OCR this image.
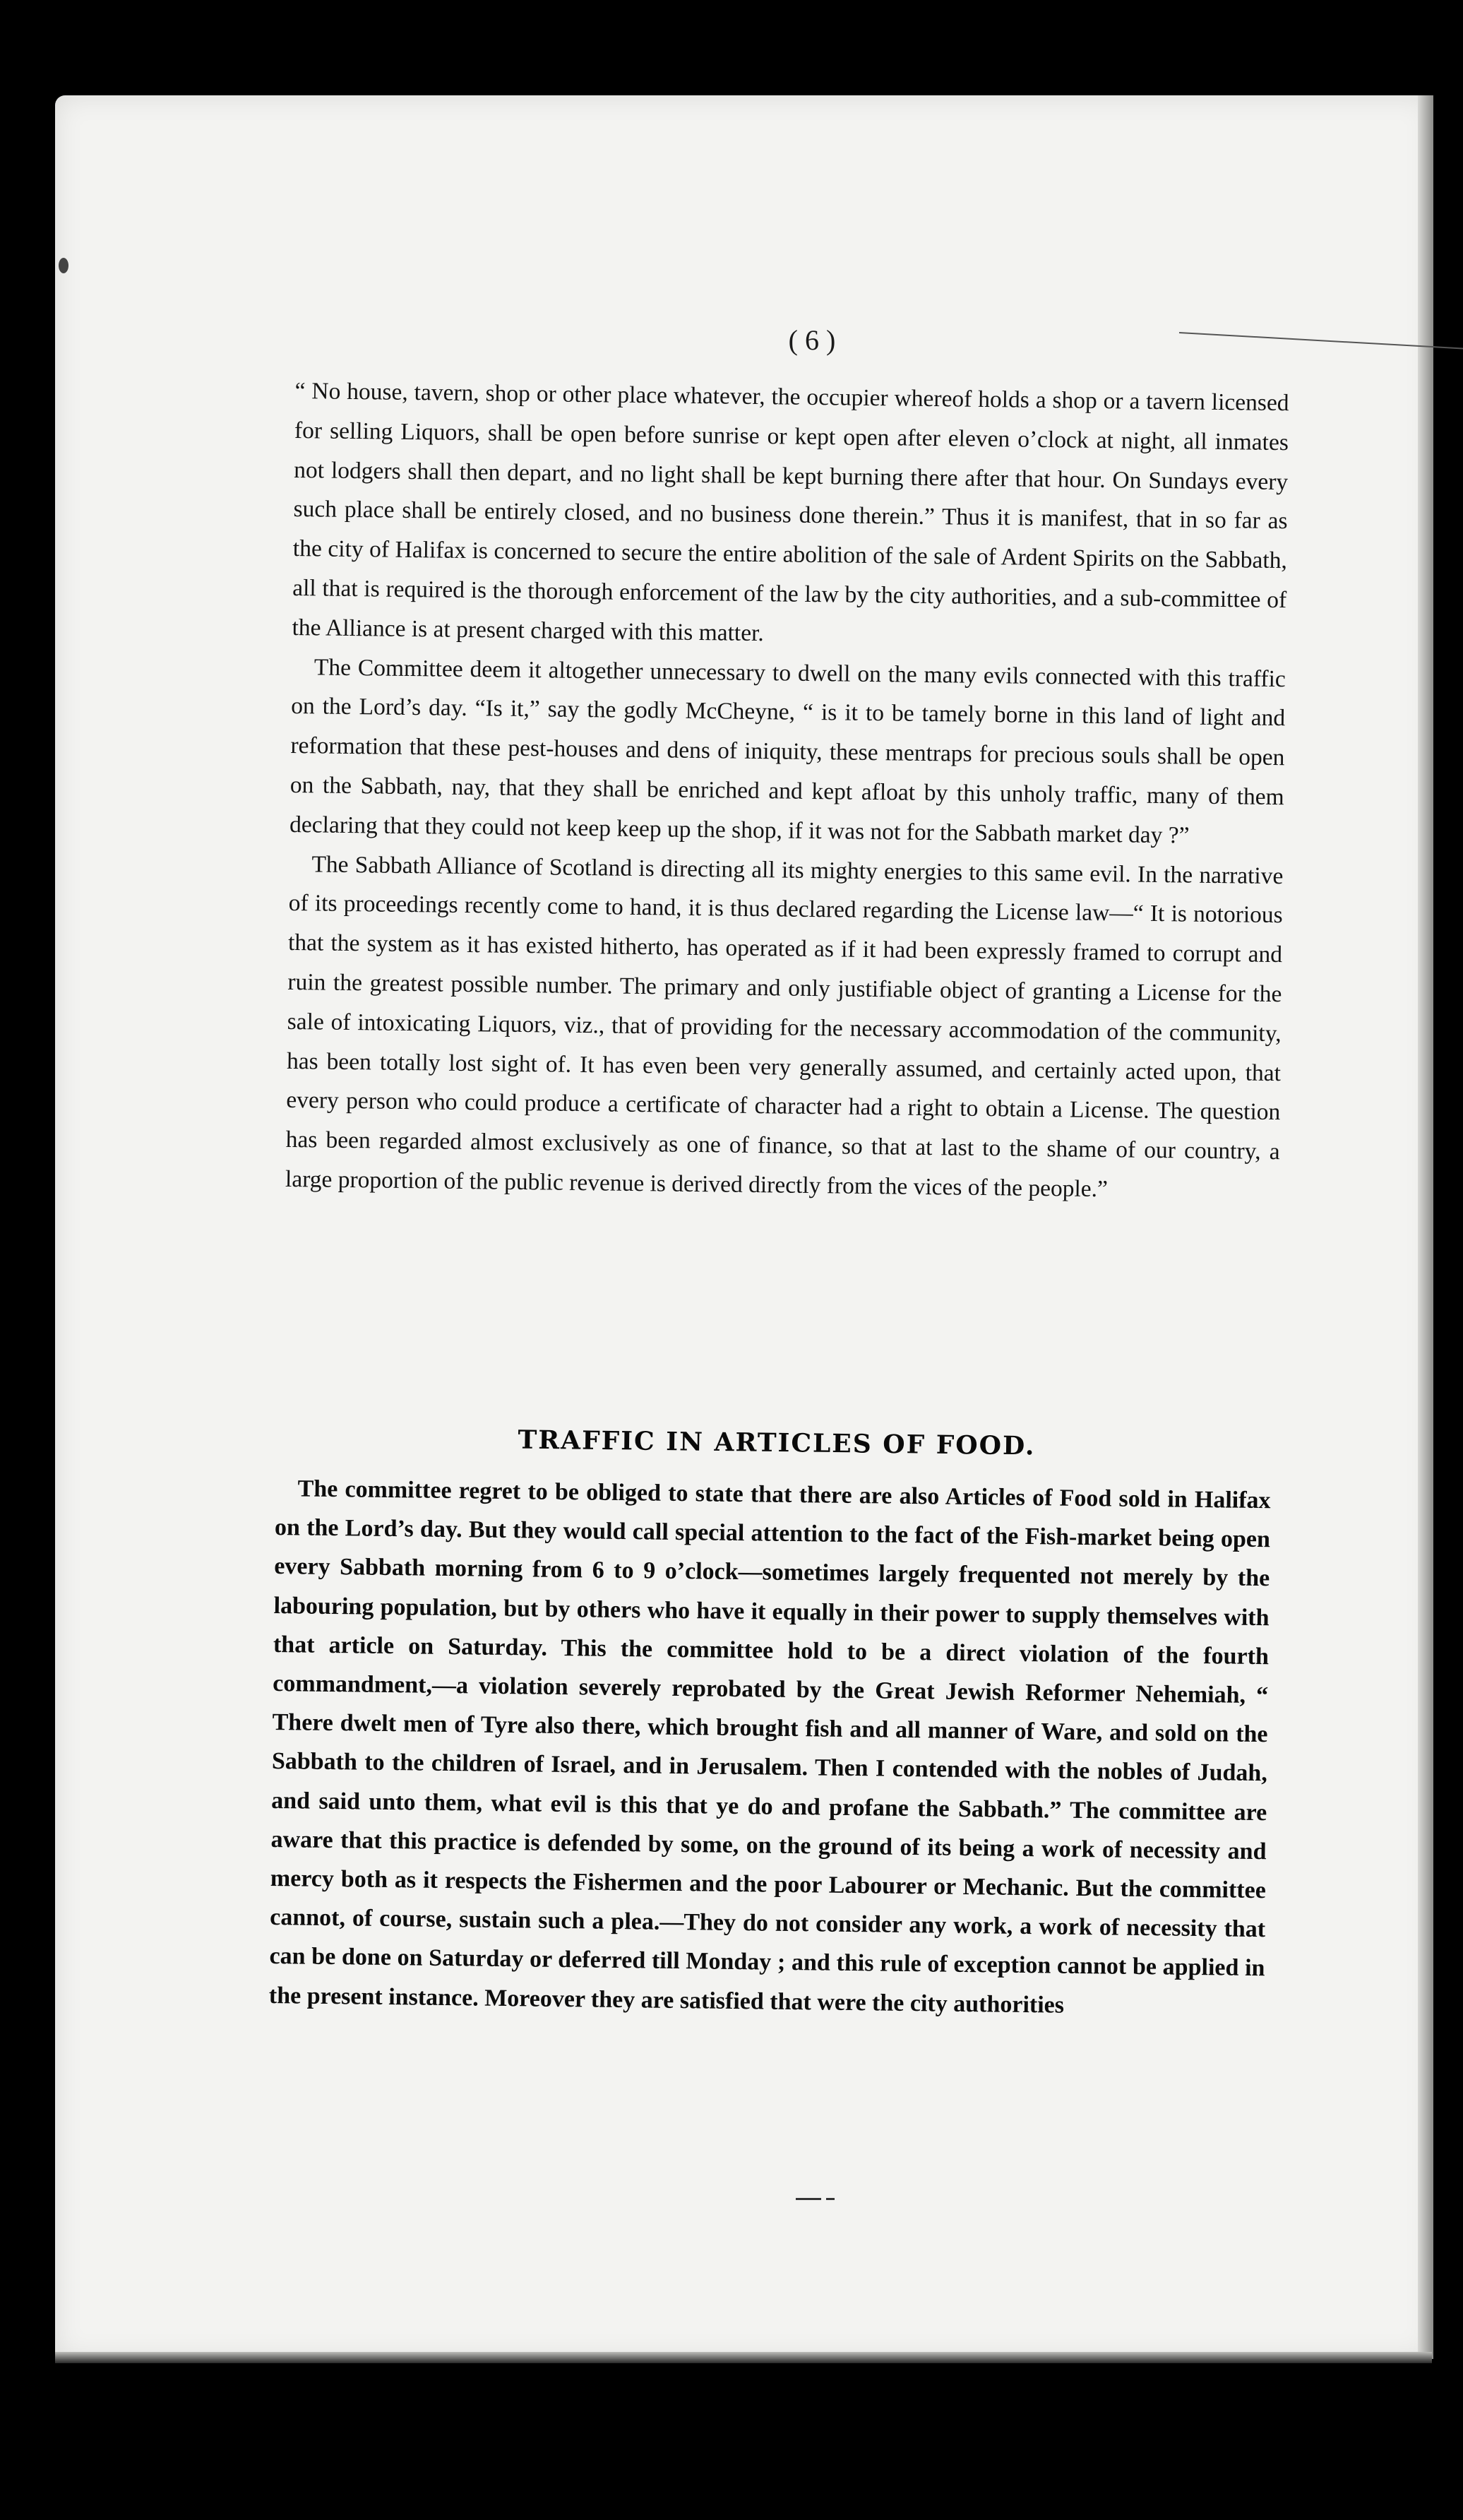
( 6 )

“ No house, tavern, shop or other place whatever, the occupier whereof holds a shop or a tavern licensed for selling Liquors, shall be open before sunrise or kept open after eleven o’clock at night, all inmates not lodgers shall then depart, and no light shall be kept burning there after that hour. On Sundays every such place shall be entirely closed, and no business done therein.” Thus it is manifest, that in so far as the city of Halifax is concerned to secure the entire abolition of the sale of Ardent Spirits on the Sabbath, all that is required is the thorough enforcement of the law by the city authorities, and a sub-committee of the Alliance is at present charged with this matter.

The Committee deem it altogether unnecessary to dwell on the many evils connected with this traffic on the Lord’s day. “Is it,” say the godly McCheyne, “ is it to be tamely borne in this land of light and reformation that these pest-houses and dens of iniquity, these mentraps for precious souls shall be open on the Sabbath, nay, that they shall be enriched and kept afloat by this unholy traffic, many of them declaring that they could not keep keep up the shop, if it was not for the Sabbath market day ?”

The Sabbath Alliance of Scotland is directing all its mighty energies to this same evil. In the narrative of its proceedings recently come to hand, it is thus declared regarding the License law—“ It is notorious that the system as it has existed hitherto, has operated as if it had been expressly framed to corrupt and ruin the greatest possible number. The primary and only justifiable object of granting a License for the sale of intoxicating Liquors, viz., that of providing for the necessary accommodation of the community, has been totally lost sight of. It has even been very generally assumed, and certainly acted upon, that every person who could produce a certificate of character had a right to obtain a License. The question has been regarded almost exclusively as one of finance, so that at last to the shame of our country, a large proportion of the public revenue is derived directly from the vices of the people.”

TRAFFIC IN ARTICLES OF FOOD.

The committee regret to be obliged to state that there are also Articles of Food sold in Halifax on the Lord’s day. But they would call special attention to the fact of the Fish-market being open every Sabbath morning from 6 to 9 o’clock—sometimes largely frequented not merely by the labouring population, but by others who have it equally in their power to supply themselves with that article on Saturday. This the committee hold to be a direct violation of the fourth commandment,—a violation severely reprobated by the Great Jewish Reformer Nehemiah, “ There dwelt men of Tyre also there, which brought fish and all manner of Ware, and sold on the Sabbath to the children of Israel, and in Jerusalem. Then I contended with the nobles of Judah, and said unto them, what evil is this that ye do and profane the Sabbath.” The committee are aware that this practice is defended by some, on the ground of its being a work of necessity and mercy both as it respects the Fishermen and the poor Labourer or Mechanic. But the committee cannot, of course, sustain such a plea.—They do not consider any work, a work of necessity that can be done on Saturday or deferred till Monday ; and this rule of exception cannot be applied in the present instance. Moreover they are satisfied that were the city authorities
